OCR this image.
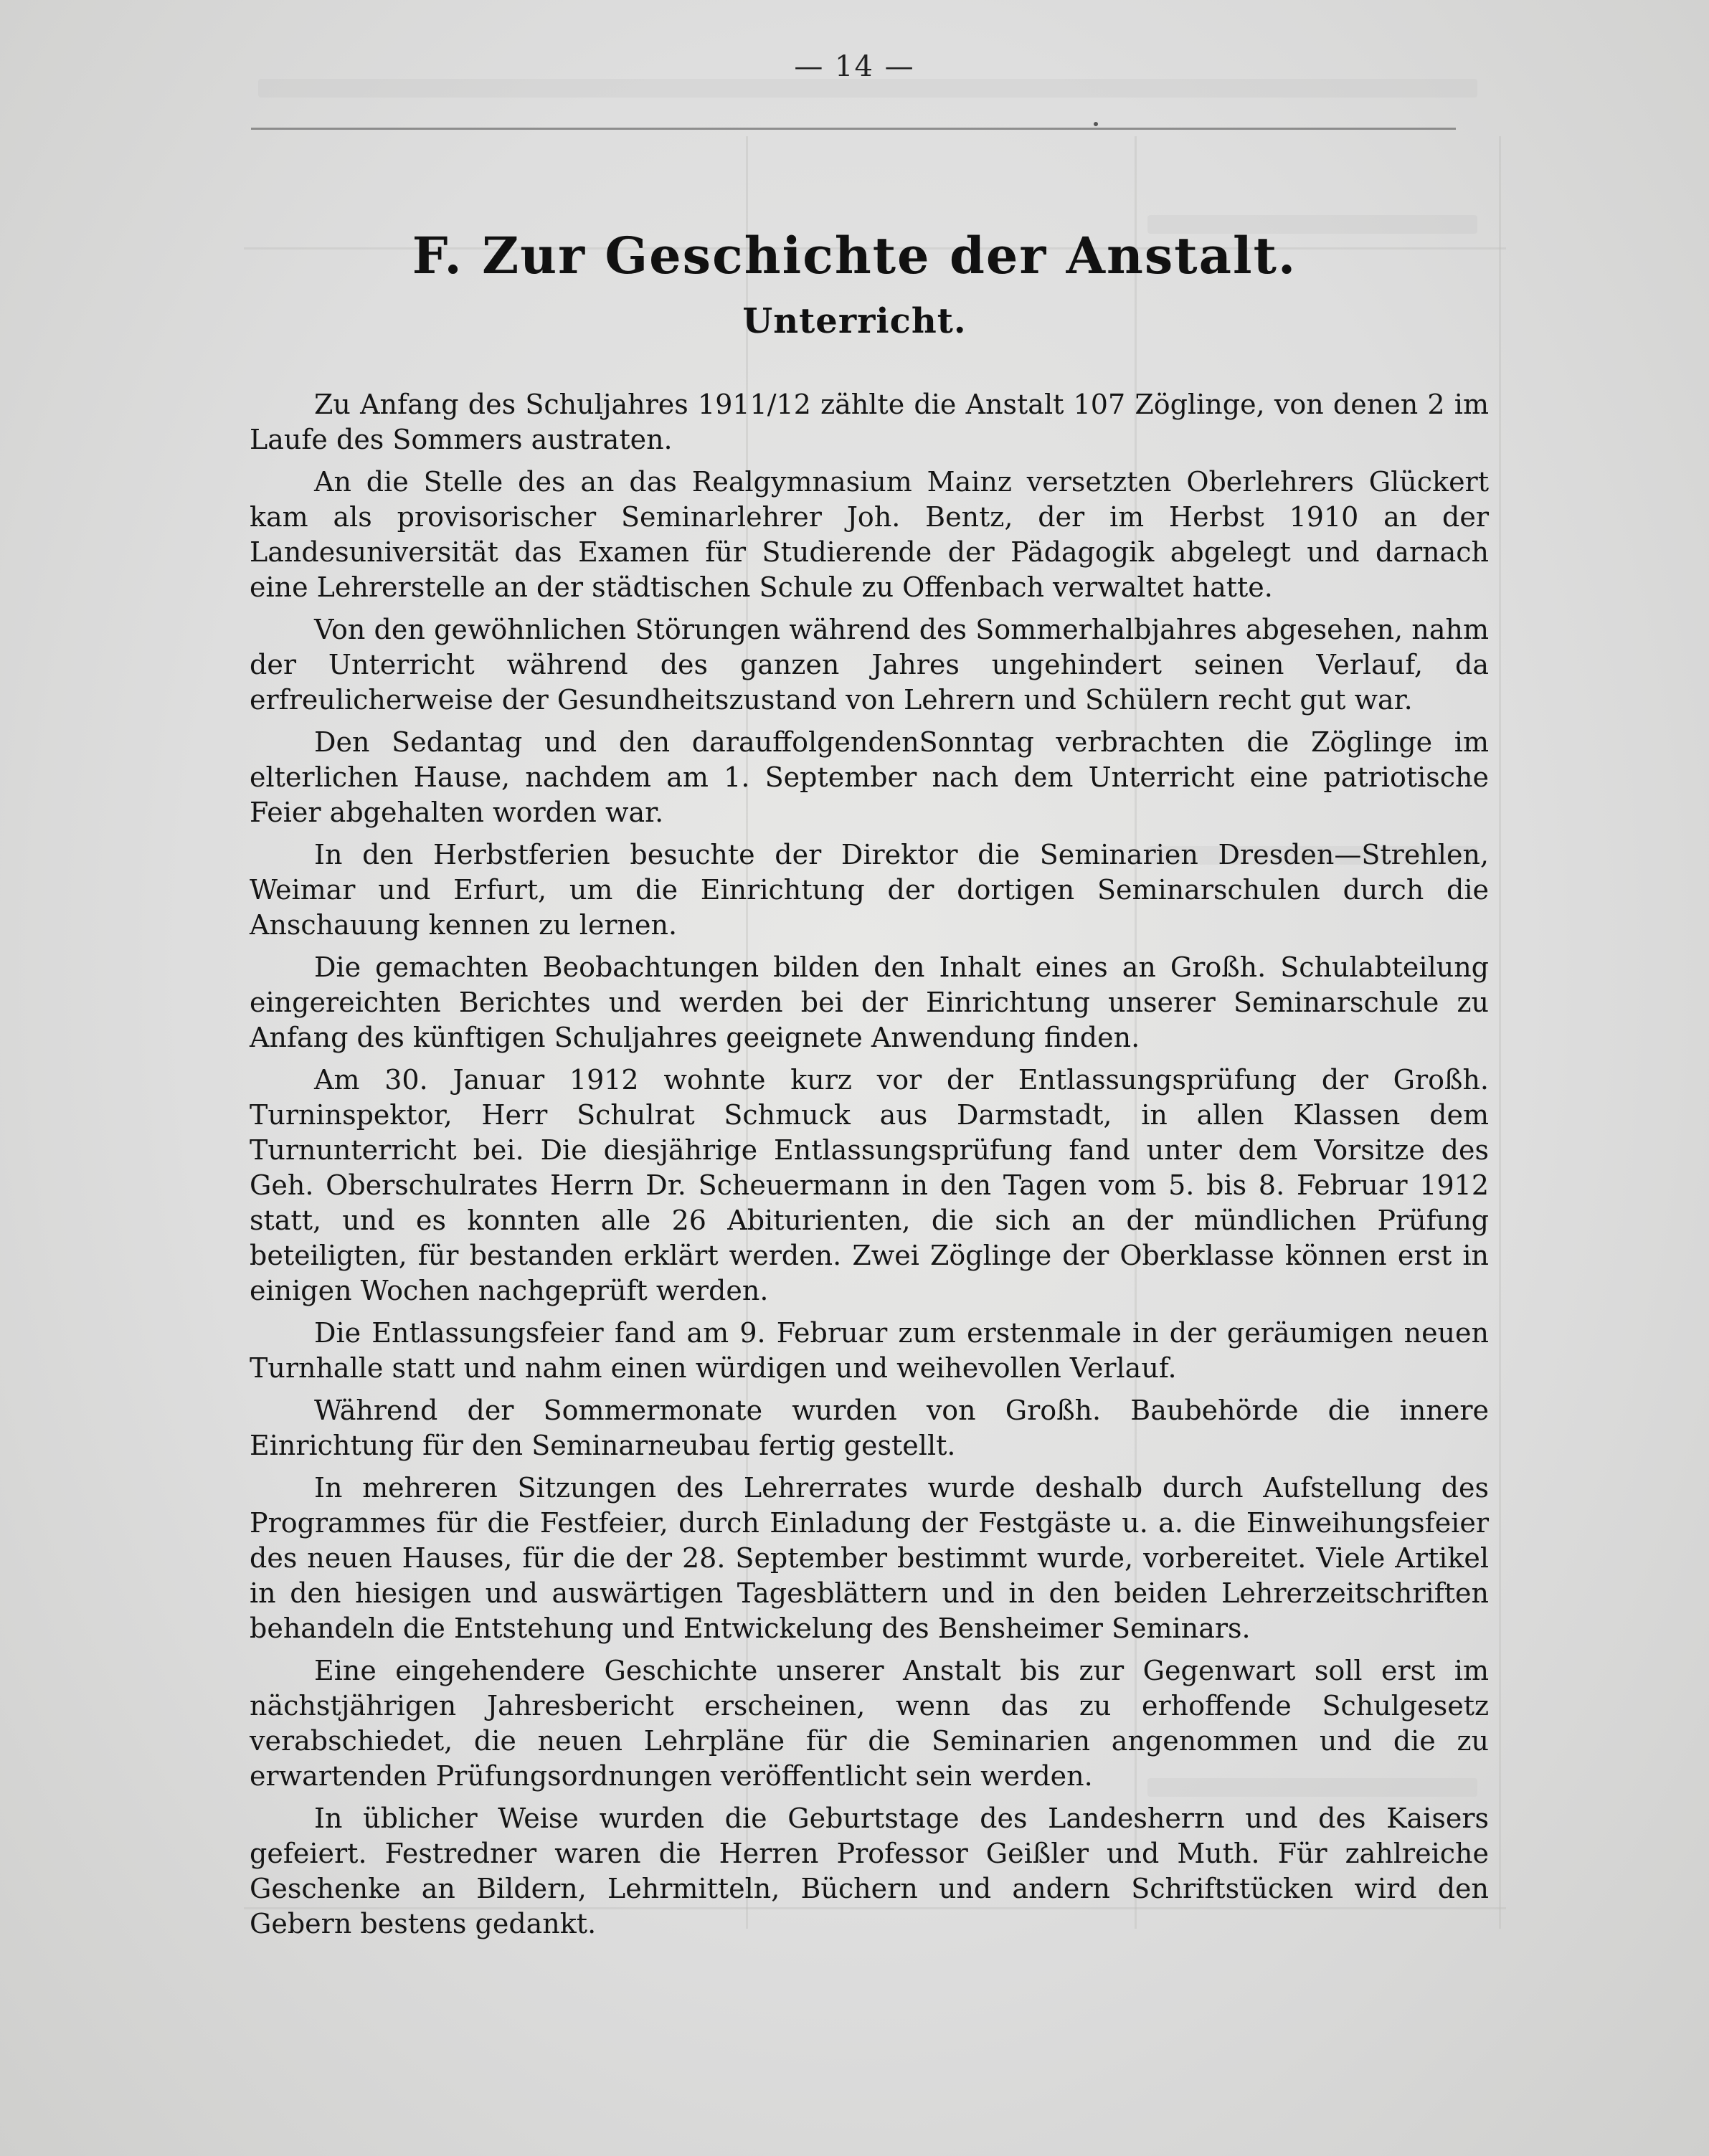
— 14 —
F. Zur Geschichte der Anstalt.
Unterricht.

Zu Anfang des Schuljahres 1911/12 zählte die Anstalt 107 Zöglinge, von denen 2 im Laufe des Sommers austraten.

An die Stelle des an das Realgymnasium Mainz versetzten Oberlehrers Glückert kam als provisorischer Seminarlehrer Joh. Bentz, der im Herbst 1910 an der Landesuniversität das Examen für Studierende der Pädagogik abgelegt und darnach eine Lehrerstelle an der städtischen Schule zu Offenbach verwaltet hatte.

Von den gewöhnlichen Störungen während des Sommerhalbjahres abgesehen, nahm der Unterricht während des ganzen Jahres ungehindert seinen Verlauf, da erfreulicherweise der Gesundheitszustand von Lehrern und Schülern recht gut war.

Den Sedantag und den darauffolgendenSonntag verbrachten die Zöglinge im elterlichen Hause, nachdem am 1. September nach dem Unterricht eine patriotische Feier abgehalten worden war.

In den Herbstferien besuchte der Direktor die Seminarien Dresden—Strehlen, Weimar und Erfurt, um die Einrichtung der dortigen Seminarschulen durch die Anschauung kennen zu lernen.

Die gemachten Beobachtungen bilden den Inhalt eines an Großh. Schulabteilung eingereichten Berichtes und werden bei der Einrichtung unserer Seminarschule zu Anfang des künftigen Schuljahres geeignete Anwendung finden.

Am 30. Januar 1912 wohnte kurz vor der Entlassungsprüfung der Großh. Turninspektor, Herr Schulrat Schmuck aus Darmstadt, in allen Klassen dem Turnunterricht bei. Die diesjährige Entlassungsprüfung fand unter dem Vorsitze des Geh. Oberschulrates Herrn Dr. Scheuermann in den Tagen vom 5. bis 8. Februar 1912 statt, und es konnten alle 26 Abiturienten, die sich an der mündlichen Prüfung beteiligten, für bestanden erklärt werden. Zwei Zöglinge der Oberklasse können erst in einigen Wochen nachgeprüft werden.

Die Entlassungsfeier fand am 9. Februar zum erstenmale in der geräumigen neuen Turnhalle statt und nahm einen würdigen und weihevollen Verlauf.

Während der Sommermonate wurden von Großh. Baubehörde die innere Einrichtung für den Seminarneubau fertig gestellt.

In mehreren Sitzungen des Lehrerrates wurde deshalb durch Aufstellung des Programmes für die Festfeier, durch Einladung der Festgäste u. a. die Einweihungsfeier des neuen Hauses, für die der 28. September bestimmt wurde, vorbereitet. Viele Artikel in den hiesigen und auswärtigen Tagesblättern und in den beiden Lehrerzeitschriften behandeln die Entstehung und Entwickelung des Bensheimer Seminars.

Eine eingehendere Geschichte unserer Anstalt bis zur Gegenwart soll erst im nächstjährigen Jahresbericht erscheinen, wenn das zu erhoffende Schulgesetz verabschiedet, die neuen Lehrpläne für die Seminarien angenommen und die zu erwartenden Prüfungsordnungen veröffentlicht sein werden.

In üblicher Weise wurden die Geburtstage des Landesherrn und des Kaisers gefeiert. Festredner waren die Herren Professor Geißler und Muth. Für zahlreiche Geschenke an Bildern, Lehrmitteln, Büchern und andern Schriftstücken wird den Gebern bestens gedankt.
